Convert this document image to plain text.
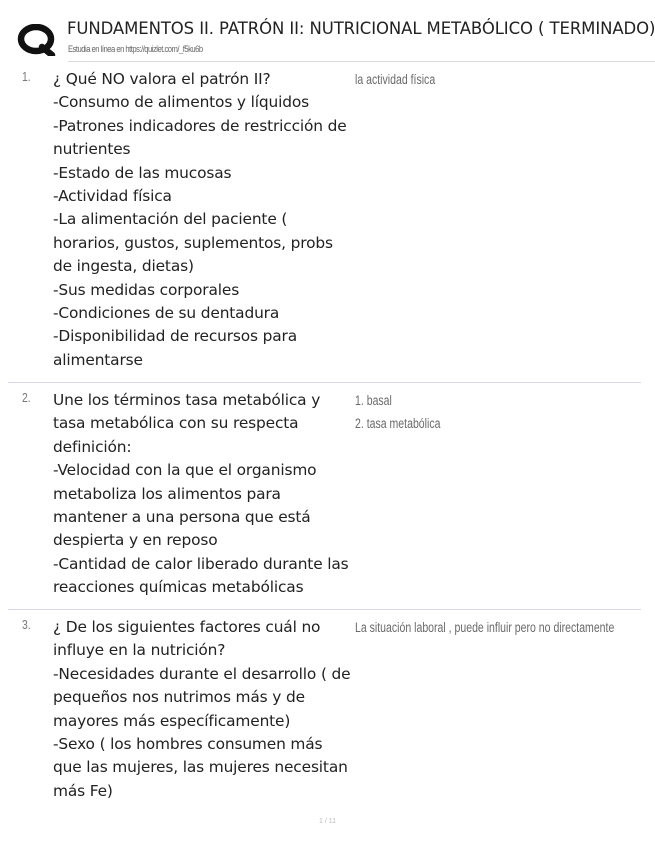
FUNDAMENTOS II. PATRÓN II: NUTRICIONAL METABÓLICO ( TERMINADO)
Estudia en línea en https://quizlet.com/_f5ku6b
1. ¿ Qué NO valora el patrón II?
-Consumo de alimentos y líquidos
-Patrones indicadores de restricción de nutrientes
-Estado de las mucosas
-Actividad física
-La alimentación del paciente ( horarios, gustos, suplementos, probs de ingesta, dietas)
-Sus medidas corporales
-Condiciones de su dentadura
-Disponibilidad de recursos para alimentarse
la actividad física
2. Une los términos tasa metabólica y tasa metabólica con su respecta definición:
-Velocidad con la que el organismo metaboliza los alimentos para mantener a una persona que está despierta y en reposo
-Cantidad de calor liberado durante las reacciones químicas metabólicas
1. basal
2. tasa metabólica
3. ¿ De los siguientes factores cuál no influye en la nutrición?
-Necesidades durante el desarrollo ( de pequeños nos nutrimos más y de mayores más específicamente)
-Sexo ( los hombres consumen más que las mujeres, las mujeres necesitan más Fe)
La situación laboral , puede influir pero no directamente
1 / 11
